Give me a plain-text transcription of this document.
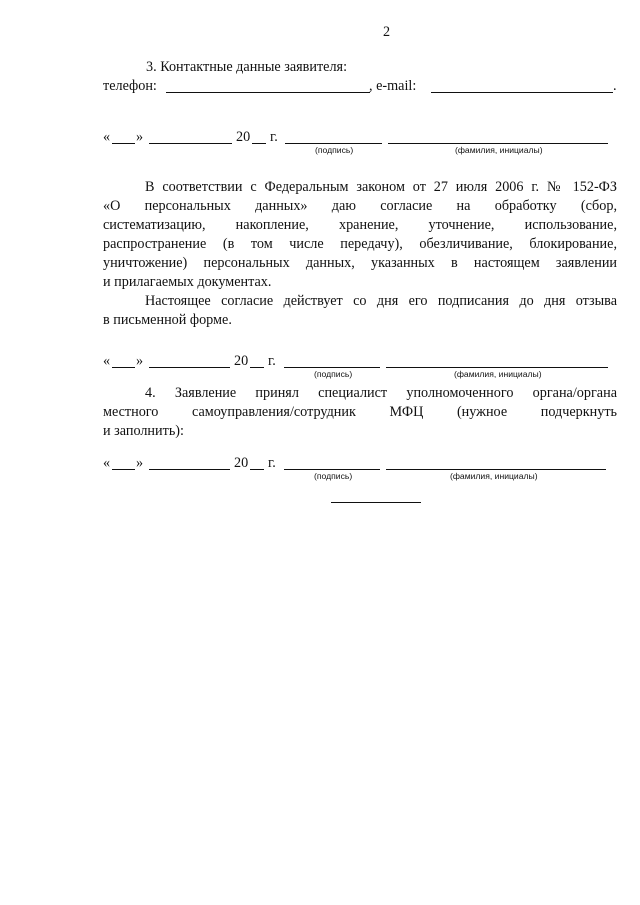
2
3. Контактные данные заявителя:
телефон:	, e-mail:	.
« »	20 г.
(подпись)	(фамилия, инициалы)
В соответствии с Федеральным законом от 27 июля 2006 г. № 152-ФЗ
«О персональных данных» даю согласие на обработку (сбор,
систематизацию, накопление, хранение, уточнение, использование,
распространение (в том числе передачу), обезличивание, блокирование,
уничтожение) персональных данных, указанных в настоящем заявлении
и прилагаемых документах.
Настоящее согласие действует со дня его подписания до дня отзыва
в письменной форме.
« »	20 г.
(подпись)	(фамилия, инициалы)
4. Заявление принял специалист уполномоченного органа/органа
местного самоуправления/сотрудник МФЦ (нужное подчеркнуть
и заполнить):
« »	20 г.
(подпись)	(фамилия, инициалы)
